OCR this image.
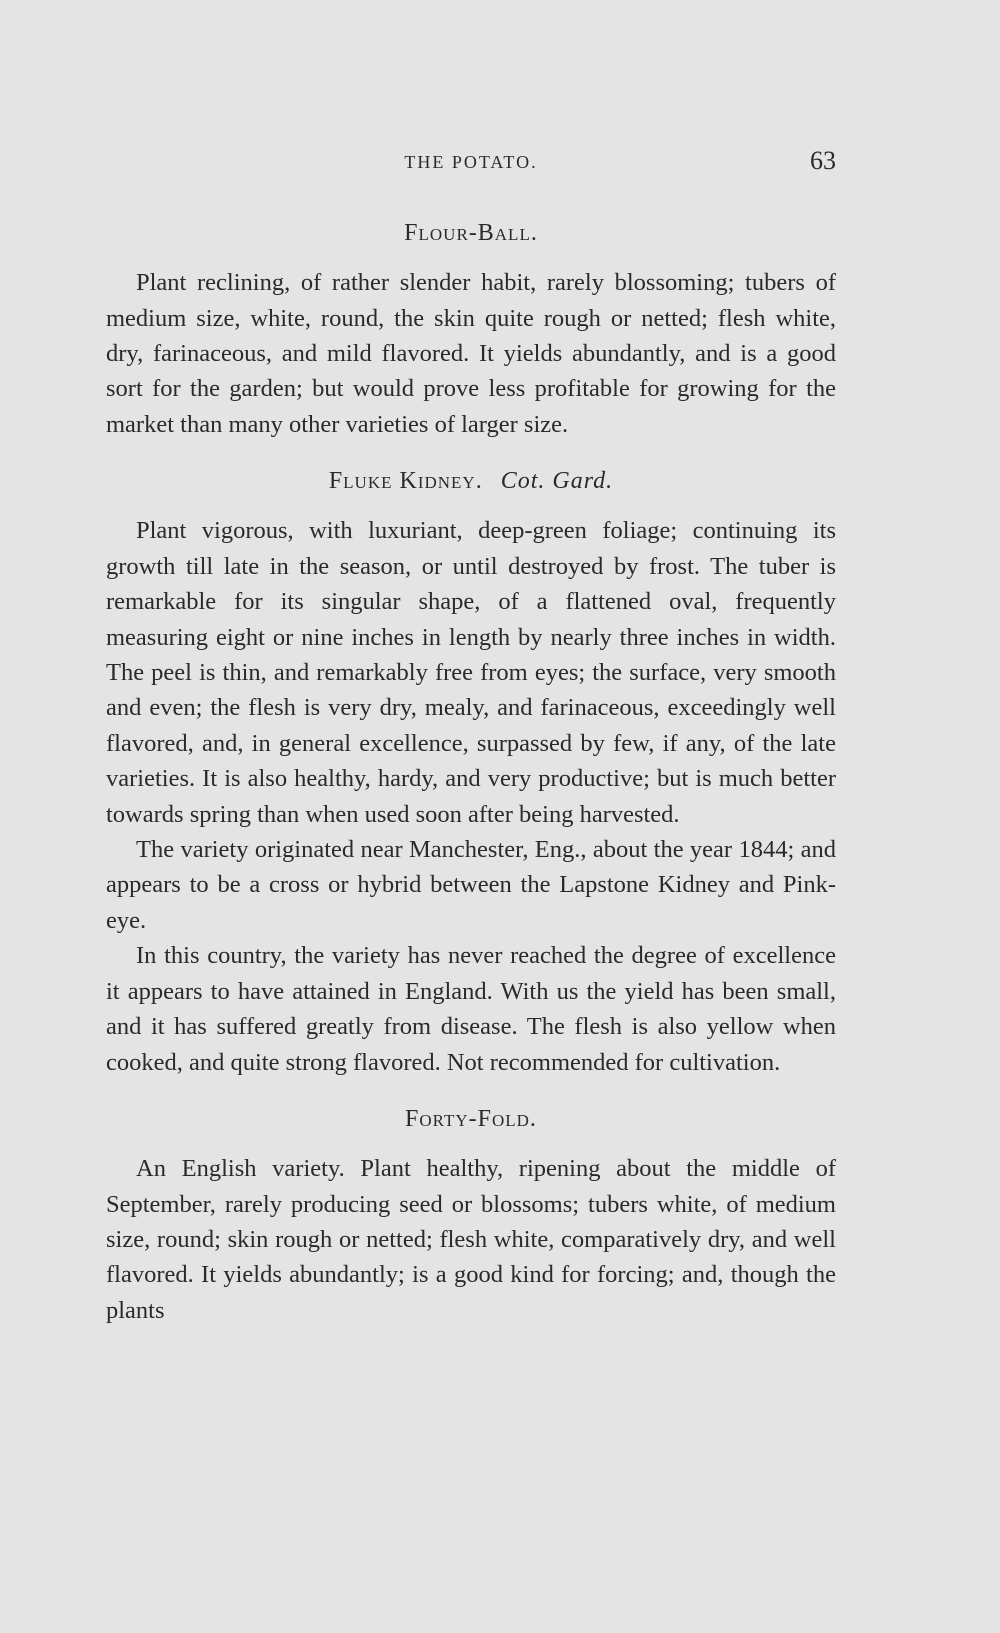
THE POTATO.	63
Flour-Ball.

Plant reclining, of rather slender habit, rarely blossoming; tubers of medium size, white, round, the skin quite rough or netted; flesh white, dry, farinaceous, and mild flavored. It yields abundantly, and is a good sort for the garden; but would prove less profitable for growing for the market than many other varieties of larger size.

Fluke Kidney. Cot. Gard.

Plant vigorous, with luxuriant, deep-green foliage; continuing its growth till late in the season, or until destroyed by frost. The tuber is remarkable for its singular shape, of a flattened oval, frequently measuring eight or nine inches in length by nearly three inches in width. The peel is thin, and remarkably free from eyes; the surface, very smooth and even; the flesh is very dry, mealy, and farinaceous, exceedingly well flavored, and, in general excellence, surpassed by few, if any, of the late varieties. It is also healthy, hardy, and very productive; but is much better towards spring than when used soon after being harvested.

The variety originated near Manchester, Eng., about the year 1844; and appears to be a cross or hybrid between the Lapstone Kidney and Pink-eye.

In this country, the variety has never reached the degree of excellence it appears to have attained in England. With us the yield has been small, and it has suffered greatly from disease. The flesh is also yellow when cooked, and quite strong flavored. Not recommended for cultivation.

Forty-Fold.

An English variety. Plant healthy, ripening about the middle of September, rarely producing seed or blossoms; tubers white, of medium size, round; skin rough or netted; flesh white, comparatively dry, and well flavored. It yields abundantly; is a good kind for forcing; and, though the plants
